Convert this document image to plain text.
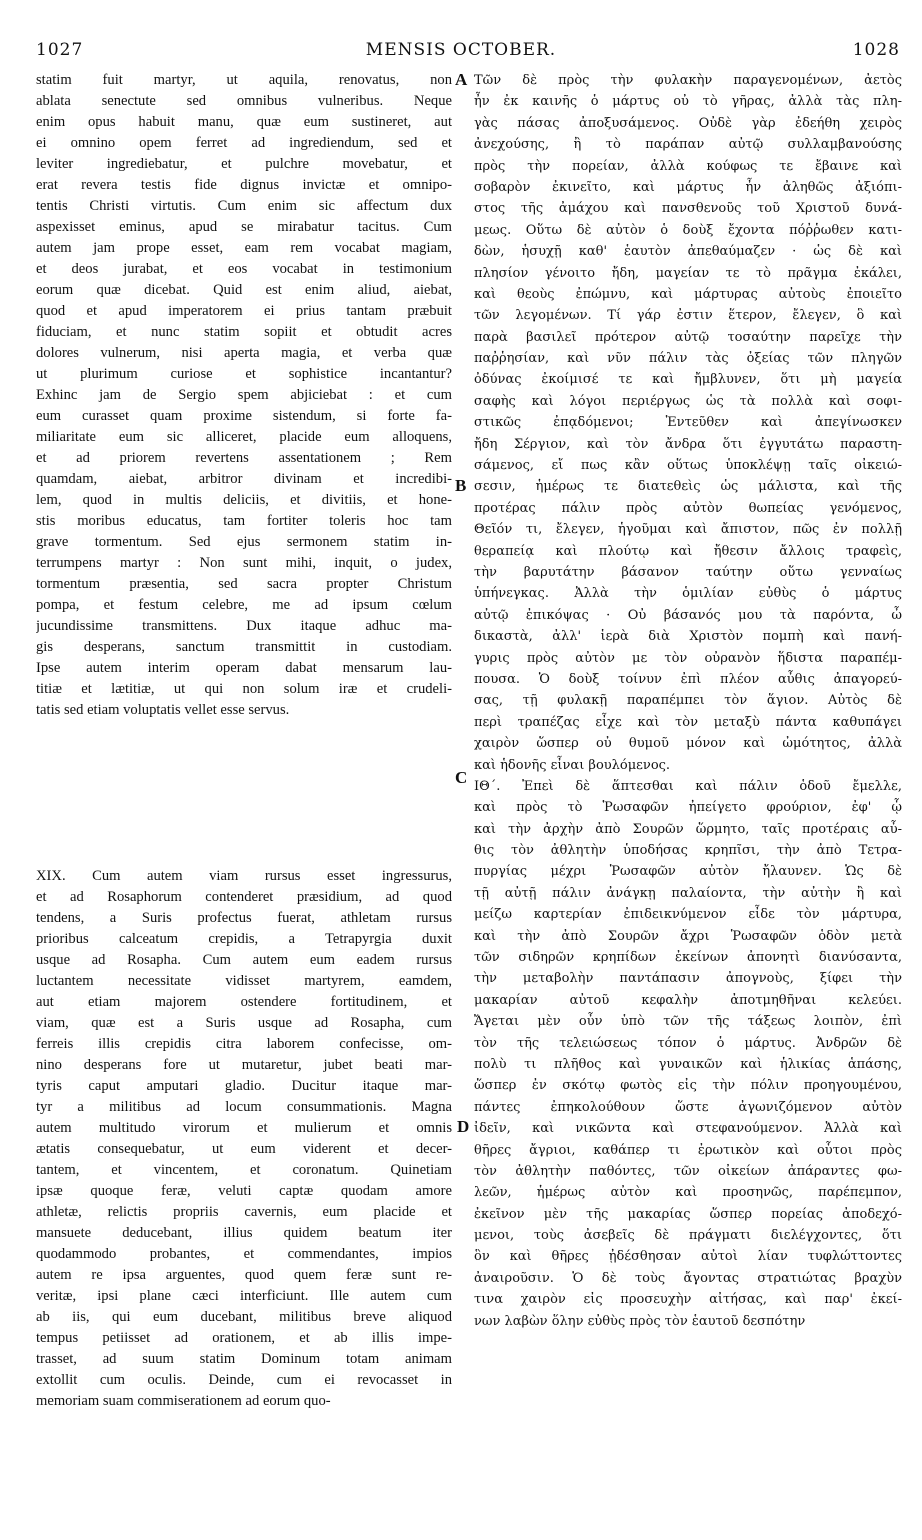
1027	MENSIS OCTOBER.	1028
statim fuit martyr, ut aquila, renovatus, non
ablata senectute sed omnibus vulneribus. Neque
enim opus habuit manu, quæ eum sustineret, aut
ei omnino opem ferret ad ingrediendum, sed et
leviter ingrediebatur, et pulchre movebatur, et
erat revera testis fide dignus invictæ et omnipo-
tentis Christi virtutis. Cum enim sic affectum dux
aspexisset eminus, apud se mirabatur tacitus. Cum
autem jam prope esset, eam rem vocabat magiam,
et deos jurabat, et eos vocabat in testimonium
eorum quæ dicebat. Quid est enim aliud, aiebat,
quod et apud imperatorem ei prius tantam præbuit
fiduciam, et nunc statim sopiit et obtudit acres
dolores vulnerum, nisi aperta magia, et verba quæ
ut plurimum curiose et sophistice incantantur?
Exhinc jam de Sergio spem abjiciebat : et cum
eum curasset quam proxime sistendum, si forte fa-
miliaritate eum sic alliceret, placide eum alloquens,
et ad priorem revertens assentationem ; Rem
quamdam, aiebat, arbitror divinam et incredibi-
lem, quod in multis deliciis, et divitiis, et hone-
stis moribus educatus, tam fortiter toleris hoc tam
grave tormentum. Sed ejus sermonem statim in-
terrumpens martyr : Non sunt mihi, inquit, o judex,
tormentum præsentia, sed sacra propter Christum
pompa, et festum celebre, me ad ipsum cœlum
jucundissime transmittens. Dux itaque adhuc ma-
gis desperans, sanctum transmittit in custodiam.
Ipse autem interim operam dabat mensarum lau-
titiæ et lætitiæ, ut qui non solum iræ et crudeli-
tatis sed etiam voluptatis vellet esse servus.
XIX. Cum autem viam rursus esset ingressurus,
et ad Rosaphorum contenderet præsidium, ad quod
tendens, a Suris profectus fuerat, athletam rursus
prioribus calceatum crepidis, a Tetrapyrgia duxit
usque ad Rosapha. Cum autem eum eadem rursus
luctantem necessitate vidisset martyrem, eamdem,
aut etiam majorem ostendere fortitudinem, et
viam, quæ est a Suris usque ad Rosapha, cum
ferreis illis crepidis citra laborem confecisse, om-
nino desperans fore ut mutaretur, jubet beati mar-
tyris caput amputari gladio. Ducitur itaque mar-
tyr a militibus ad locum consummationis. Magna
autem multitudo virorum et mulierum et omnis
ætatis consequebatur, ut eum viderent et decer-
tantem, et vincentem, et coronatum. Quinetiam
ipsæ quoque feræ, veluti captæ quodam amore
athletæ, relictis propriis cavernis, eum placide et
mansuete deducebant, illius quidem beatum iter
quodammodo probantes, et commendantes, impios
autem re ipsa arguentes, quod quem feræ sunt re-
veritæ, ipsi plane cæci interficiunt. Ille autem cum
ab iis, qui eum ducebant, militibus breve aliquod
tempus petiisset ad orationem, et ab illis impe-
trasset, ad suum statim Dominum totam animam
extollit cum oculis. Deinde, cum ei revocasset in
memoriam suam commiserationem ad eorum quo-
Τῶν δὲ πρὸς τὴν φυλακὴν παραγενομένων, ἀετὸς
ἦν ἐκ καινῆς ὁ μάρτυς οὐ τὸ γῆρας, ἀλλὰ τὰς πλη-
γὰς πάσας ἀποξυσάμενος. Οὐδὲ γὰρ ἐδεήθη χειρὸς
ἀνεχούσης, ἢ τὸ παράπαν αὐτῷ συλλαμβανούσης
πρὸς τὴν πορείαν, ἀλλὰ κούφως τε ἔβαινε καὶ
σοβαρὸν ἐκινεῖτο, καὶ μάρτυς ἦν ἀληθῶς ἀξιόπι-
στος τῆς ἀμάχου καὶ πανσθενοῦς τοῦ Χριστοῦ δυνά-
μεως. Οὕτω δὲ αὐτὸν ὁ δοὺξ ἔχοντα πόῤῥωθεν κατι-
δὼν, ἡσυχῇ καθ' ἑαυτὸν ἀπεθαύμαζεν · ὡς δὲ καὶ
πλησίον γένοιτο ἤδη, μαγείαν τε τὸ πρᾶγμα ἐκάλει,
καὶ θεοὺς ἐπώμνυ, καὶ μάρτυρας αὐτοὺς ἐποιεῖτο
τῶν λεγομένων. Τί γάρ ἐστιν ἕτερον, ἔλεγεν, ὃ καὶ
παρὰ βασιλεῖ πρότερον αὐτῷ τοσαύτην παρεῖχε τὴν
παῤῥησίαν, καὶ νῦν πάλιν τὰς ὀξείας τῶν πληγῶν
ὀδύνας ἐκοίμισέ τε καὶ ἤμβλυνεν, ὅτι μὴ μαγεία
σαφὴς καὶ λόγοι περιέργως ὡς τὰ πολλὰ καὶ σοφι-
στικῶς ἐπᾳδόμενοι; Ἐντεῦθεν καὶ ἀπεγίνωσκεν
ἤδη Σέργιον, καὶ τὸν ἄνδρα ὅτι ἐγγυτάτω παραστη-
σάμενος, εἴ πως κἂν οὕτως ὑποκλέψῃ ταῖς οἰκειώ-
σεσιν, ἡμέρως τε διατεθεὶς ὡς μάλιστα, καὶ τῆς
προτέρας πάλιν πρὸς αὐτὸν θωπείας γενόμενος,
Θεῖόν τι, ἔλεγεν, ἡγοῦμαι καὶ ἄπιστον, πῶς ἐν πολλῇ
θεραπείᾳ καὶ πλούτῳ καὶ ἤθεσιν ἄλλοις τραφεὶς,
τὴν βαρυτάτην βάσανον ταύτην οὕτω γενναίως
ὑπήνεγκας. Ἀλλὰ τὴν ὁμιλίαν εὐθὺς ὁ μάρτυς
αὐτῷ ἐπικόψας · Οὐ βάσανός μου τὰ παρόντα, ὦ
δικαστὰ, ἀλλ' ἱερὰ διὰ Χριστὸν πομπὴ καὶ πανή-
γυρις πρὸς αὐτὸν με τὸν οὐρανὸν ἥδιστα παραπέμ-
πουσα. Ὁ δοὺξ τοίνυν ἐπὶ πλέον αὖθις ἀπαγορεύ-
σας, τῇ φυλακῇ παραπέμπει τὸν ἅγιον. Αὐτὸς δὲ
περὶ τραπέζας εἶχε καὶ τὸν μεταξὺ πάντα καθυπάγει
χαιρὸν ὥσπερ οὐ θυμοῦ μόνον καὶ ὠμότητος, ἀλλὰ
καὶ ἡδονῆς εἶναι βουλόμενος.
ΙΘ΄. Ἐπεὶ δὲ ἅπτεσθαι καὶ πάλιν ὁδοῦ ἔμελλε,
καὶ πρὸς τὸ Ῥωσαφῶν ἠπείγετο φρούριον, ἐφ' ᾧ
καὶ τὴν ἀρχὴν ἀπὸ Σουρῶν ὥρμητο, ταῖς προτέραις αὖ-
θις τὸν ἀθλητὴν ὑποδήσας κρηπῖσι, τὴν ἀπὸ Τετρα-
πυργίας μέχρι Ῥωσαφῶν αὐτὸν ἤλαυνεν. Ὡς δὲ
τῇ αὐτῇ πάλιν ἀνάγκῃ παλαίοντα, τὴν αὐτὴν ἢ καὶ
μείζω καρτερίαν ἐπιδεικνύμενον εἶδε τὸν μάρτυρα,
καὶ τὴν ἀπὸ Σουρῶν ἄχρι Ῥωσαφῶν ὁδὸν μετὰ
τῶν σιδηρῶν κρηπίδων ἐκείνων ἀπονητὶ διανύσαντα,
τὴν μεταβολὴν παντάπασιν ἀπογνοὺς, ξίφει τὴν
μακαρίαν αὐτοῦ κεφαλὴν ἀποτμηθῆναι κελεύει.
Ἄγεται μὲν οὖν ὑπὸ τῶν τῆς τάξεως λοιπὸν, ἐπὶ
τὸν τῆς τελειώσεως τόπον ὁ μάρτυς. Ἀνδρῶν δὲ
πολὺ τι πλῆθος καὶ γυναικῶν καὶ ἡλικίας ἁπάσης,
ὥσπερ ἐν σκότῳ φωτὸς εἰς τὴν πόλιν προηγουμένου,
πάντες ἐπηκολούθουν ὥστε ἀγωνιζόμενον αὐτὸν
ἰδεῖν, καὶ νικῶντα καὶ στεφανούμενον. Ἀλλὰ καὶ
θῆρες ἄγριοι, καθάπερ τι ἐρωτικὸν καὶ οὗτοι πρὸς
τὸν ἀθλητὴν παθόντες, τῶν οἰκείων ἀπάραντες φω-
λεῶν, ἡμέρως αὐτὸν καὶ προσηνῶς, παρέπεμπον,
ἐκεῖνον μὲν τῆς μακαρίας ὥσπερ πορείας ἀποδεχό-
μενοι, τοὺς ἀσεβεῖς δὲ πράγματι διελέγχοντες, ὅτι
ὃν καὶ θῆρες ᾐδέσθησαν αὐτοὶ λίαν τυφλώττοντες
ἀναιροῦσιν. Ὁ δὲ τοὺς ἄγοντας στρατιώτας βραχὺν
τινα χαιρὸν εἰς προσευχὴν αἰτήσας, καὶ παρ' ἐκεί-
νων λαβὼν ὅλην εὐθὺς πρὸς τὸν ἑαυτοῦ δεσπότην
A
B
C
D
